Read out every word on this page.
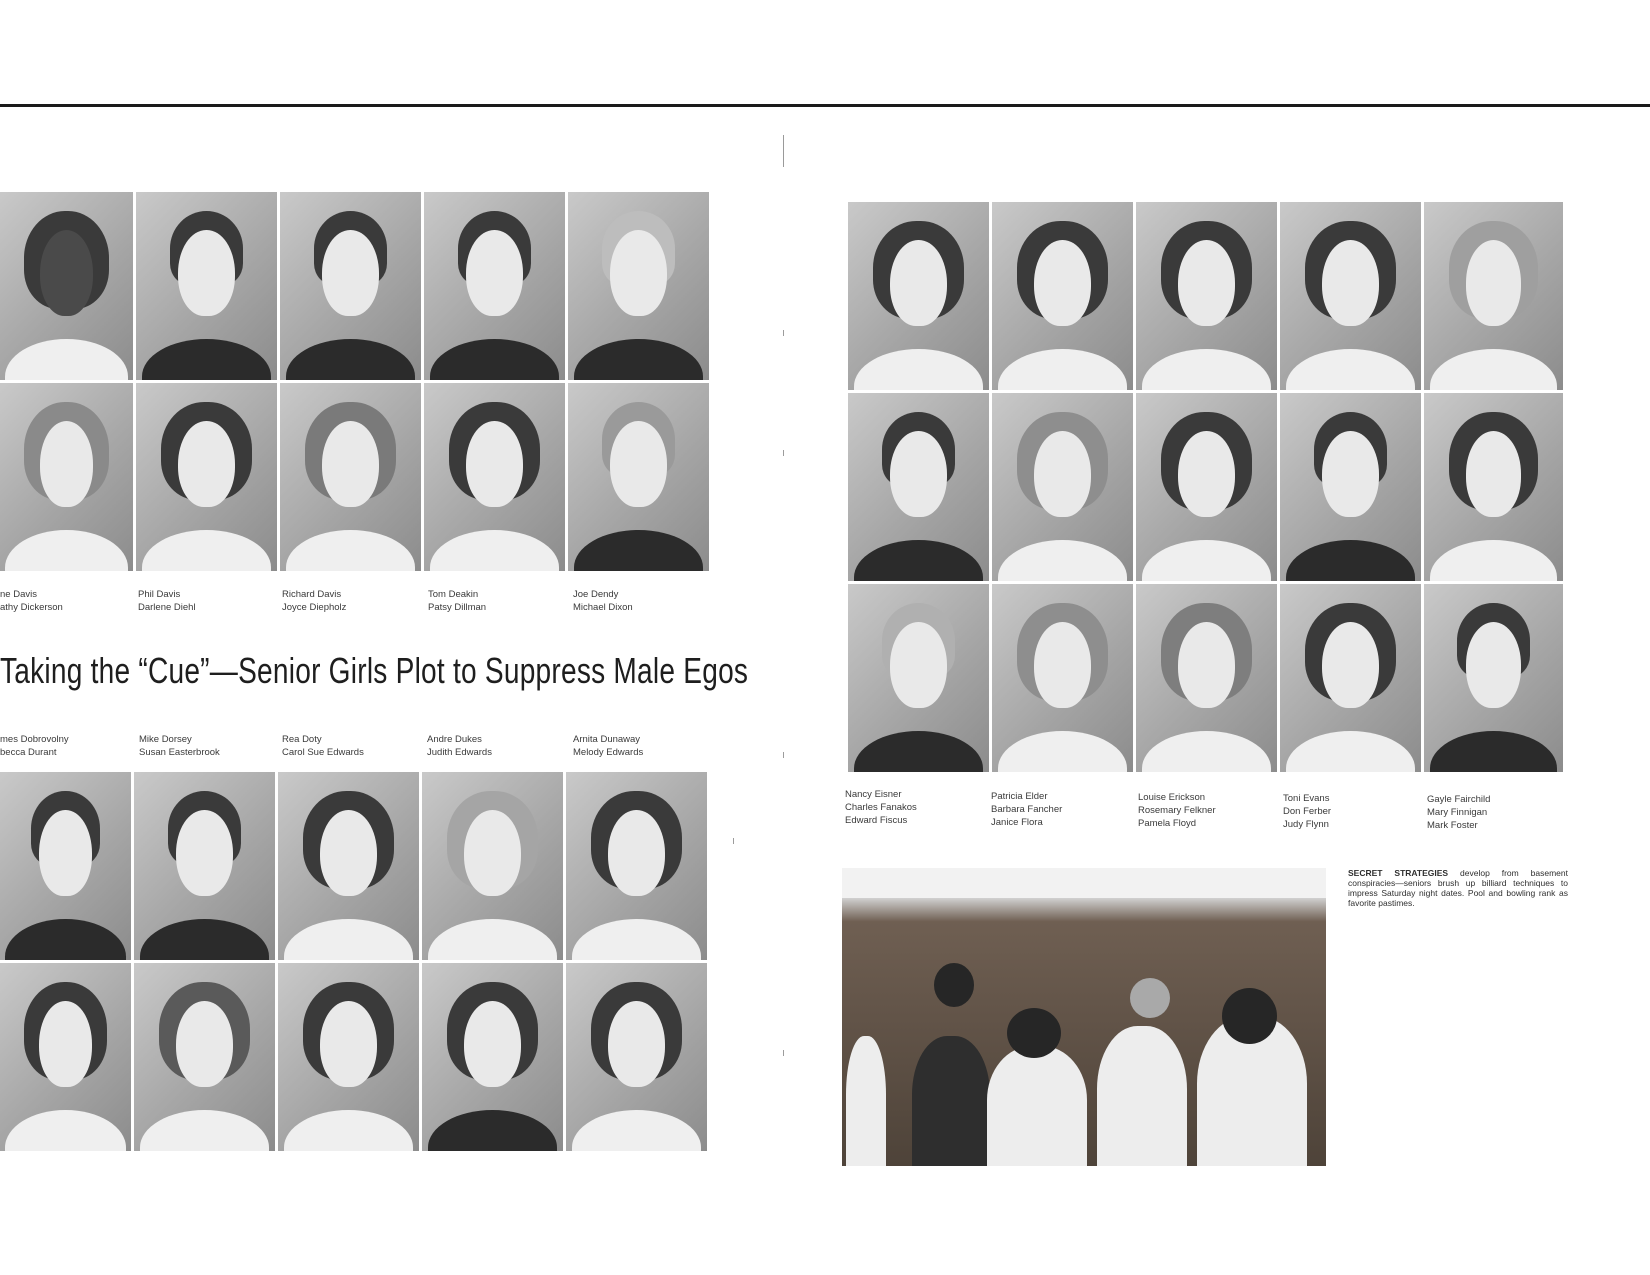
ne Davis
athy Dickerson
Phil Davis
Darlene Diehl
Richard Davis
Joyce Diepholz
Tom Deakin
Patsy Dillman
Joe Dendy
Michael Dixon
Taking the “Cue”—Senior Girls Plot to Suppress Male Egos
mes Dobrovolny
becca Durant
Mike Dorsey
Susan Easterbrook
Rea Doty
Carol Sue Edwards
Andre Dukes
Judith Edwards
Arnita Dunaway
Melody Edwards
Nancy Eisner
Charles Fanakos
Edward Fiscus
Patricia Elder
Barbara Fancher
Janice Flora
Louise Erickson
Rosemary Felkner
Pamela Floyd
Toni Evans
Don Ferber
Judy Flynn
Gayle Fairchild
Mary Finnigan
Mark Foster
SECRET STRATEGIES develop from basement conspiracies—seniors brush up billiard techniques to impress Saturday night dates. Pool and bowling rank as favorite pastimes.
